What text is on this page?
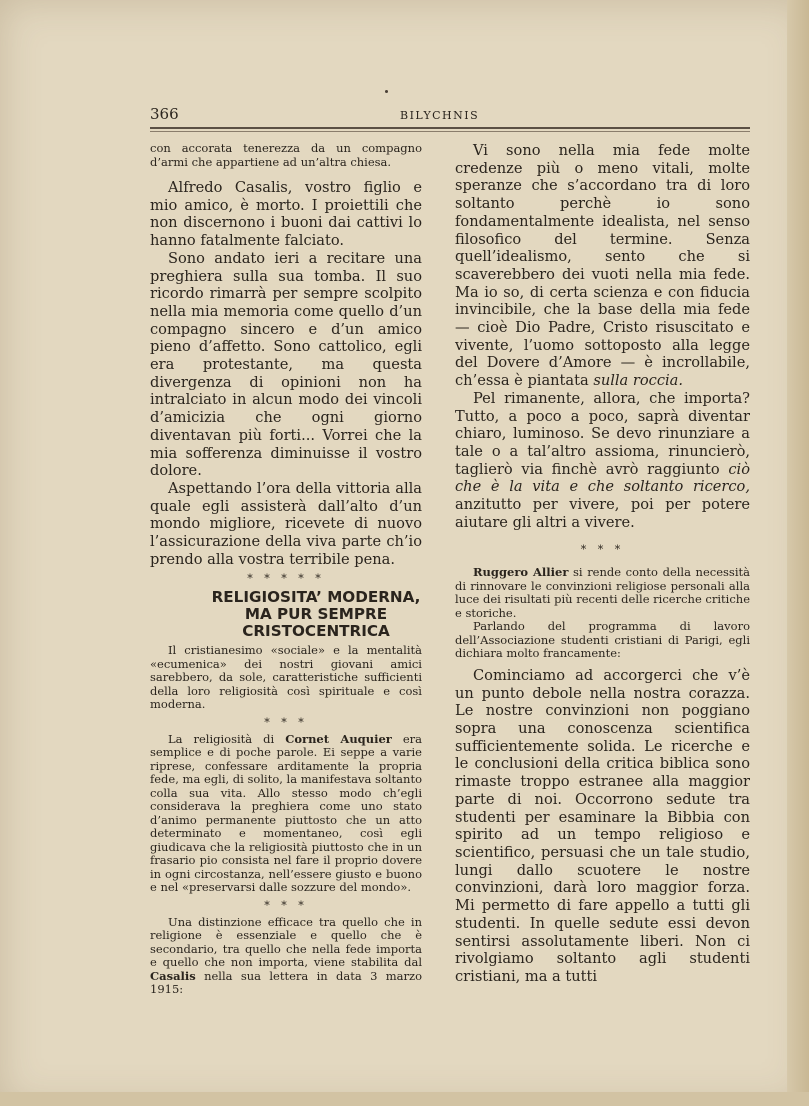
366	BILYCHNIS

con accorata tenerezza da un compagno d’armi che appartiene ad un’altra chiesa.

Alfredo Casalis, vostro figlio e mio amico, è morto. I proiettili che non discernono i buoni dai cattivi lo hanno fatalmente falciato.

Sono andato ieri a recitare una preghiera sulla sua tomba. Il suo ricordo rimarrà per sempre scolpito nella mia memoria come quello d’un compagno sincero e d’un amico pieno d’affetto. Sono cattolico, egli era protestante, ma questa divergenza di opinioni non ha intralciato in alcun modo dei vincoli d’amicizia che ogni giorno diventavan più forti... Vorrei che la mia sofferenza diminuisse il vostro dolore.

Aspettando l’ora della vittoria alla quale egli assisterà dall’alto d’un mondo migliore, ricevete di nuovo l’assicurazione della viva parte ch’io prendo alla vostra terribile pena.

* * * * *
RELIGIOSITA’ MODERNA, MA PUR SEMPRE CRISTOCENTRICA

Il cristianesimo «sociale» e la mentalità «ecumenica» dei nostri giovani amici sarebbero, da sole, caratteristiche sufficienti della loro religiosità così spirituale e così moderna.

* * *

La religiosità di Cornet Auquier era semplice e di poche parole. Ei seppe a varie riprese, confessare arditamente la propria fede, ma egli, di solito, la manifestava soltanto colla sua vita. Allo stesso modo ch’egli considerava la preghiera come uno stato d’animo permanente piuttosto che un atto determinato e momentaneo, così egli giudicava che la religiosità piuttosto che in un frasario pio consista nel fare il proprio dovere in ogni circostanza, nell’essere giusto e buono e nel «preservarsi dalle sozzure del mondo».

* * *

Una distinzione efficace tra quello che in religione è essenziale e quello che è secondario, tra quello che nella fede importa e quello che non importa, viene stabilita dal Casalis nella sua lettera in data 3 marzo 1915:

Vi sono nella mia fede molte credenze più o meno vitali, molte speranze che s’accordano tra di loro soltanto perchè io sono fondamentalmente idealista, nel senso filosofico del termine. Senza quell’idealismo, sento che si scaverebbero dei vuoti nella mia fede. Ma io so, di certa scienza e con fiducia invincibile, che la base della mia fede — cioè Dio Padre, Cristo risuscitato e vivente, l’uomo sottoposto alla legge del Dovere d’Amore — è incrollabile, ch’essa è piantata sulla roccia.

Pel rimanente, allora, che importa? Tutto, a poco a poco, saprà diventar chiaro, luminoso. Se devo rinunziare a tale o a tal’altro assioma, rinuncierò, taglierò via finchè avrò raggiunto ciò che è la vita e che soltanto ricerco, anzitutto per vivere, poi per potere aiutare gli altri a vivere.

* * *

Ruggero Allier si rende conto della necessità di rinnovare le convinzioni religiose personali alla luce dei risultati più recenti delle ricerche critiche e storiche.

Parlando del programma di lavoro dell’Associazione studenti cristiani di Parigi, egli dichiara molto francamente:

Cominciamo ad accorgerci che v’è un punto debole nella nostra corazza. Le nostre convinzioni non poggiano sopra una conoscenza scientifica sufficientemente solida. Le ricerche e le conclusioni della critica biblica sono rimaste troppo estranee alla maggior parte di noi. Occorrono sedute tra studenti per esaminare la Bibbia con spirito ad un tempo religioso e scientifico, persuasi che un tale studio, lungi dallo scuotere le nostre convinzioni, darà loro maggior forza. Mi permetto di fare appello a tutti gli studenti. In quelle sedute essi devon sentirsi assolutamente liberi. Non ci rivolgiamo soltanto agli studenti cristiani, ma a tutti
